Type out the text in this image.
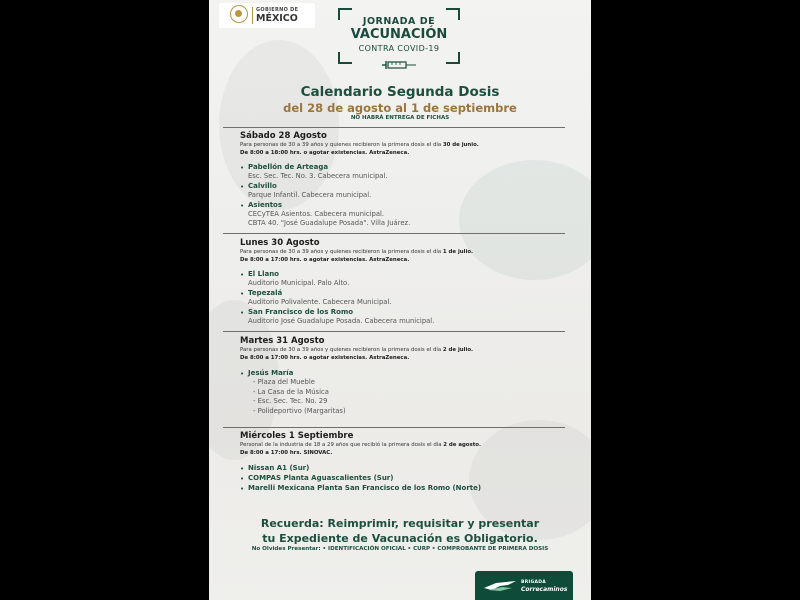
GOBIERNO DE
MÉXICO	JORNADA DE
VACUNACIÓN
CONTRA COVID-19
Calendario Segunda Dosis
del 28 de agosto al 1 de septiembre
NO HABRÁ ENTREGA DE FICHAS
Sábado 28 Agosto
Para personas de 30 a 39 años y quienes recibieron la primera dosis el día 30 de junio.
De 8:00 a 18:00 hrs. o agotar existencias. AstraZeneca.
• Pabellón de Arteaga
Esc. Sec. Tec. No. 3. Cabecera municipal.
• Calvillo
Parque Infantil. Cabecera municipal.
• Asientos
CECyTEA Asientos. Cabecera municipal.
CBTA 40. "José Guadalupe Posada". Villa Juárez.
Lunes 30 Agosto
Para personas de 30 a 39 años y quienes recibieron la primera dosis el día 1 de julio.
De 8:00 a 17:00 hrs. o agotar existencias. AstraZeneca.
• El Llano
Auditorio Municipal. Palo Alto.
• Tepezalá
Auditorio Polivalente. Cabecera Municipal.
• San Francisco de los Romo
Auditorio José Guadalupe Posada. Cabecera municipal.
Martes 31 Agosto
Para personas de 30 a 39 años y quienes recibieron la primera dosis el día 2 de julio.
De 8:00 a 17:00 hrs. o agotar existencias. AstraZeneca.
• Jesús María
- Plaza del Mueble
- La Casa de la Música
- Esc. Sec. Tec. No. 29
- Polideportivo (Margaritas)
Miércoles 1 Septiembre
Personal de la industria de 18 a 29 años que recibió la primera dosis el día 2 de agosto.
De 8:00 a 17:00 hrs. SINOVAC.
• Nissan A1 (Sur)
• COMPAS Planta Aguascalientes (Sur)
• Marelli Mexicana Planta San Francisco de los Romo (Norte)
Recuerda: Reimprimir, requisitar y presentar
tu Expediente de Vacunación es Obligatorio.
No Olvides Presentar: • IDENTIFICACIÓN OFICIAL • CURP • COMPROBANTE DE PRIMERA DOSIS
BRIGADA
Correcaminos
